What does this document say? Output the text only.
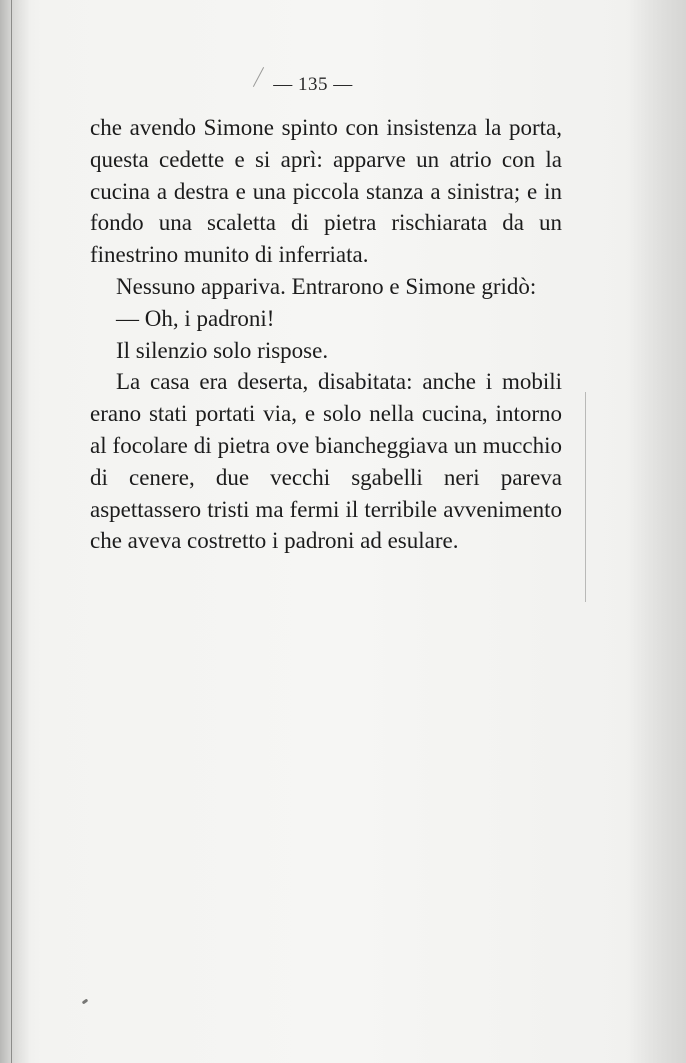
— 135 —

che avendo Simone spinto con insistenza la porta, questa cedette e si aprì: apparve un atrio con la cucina a destra e una piccola stanza a sinistra; e in fondo una scaletta di pietra rischiarata da un finestrino munito di inferriata.

Nessuno appariva. Entrarono e Simone gridò:

— Oh, i padroni!

Il silenzio solo rispose.

La casa era deserta, disabitata: anche i mobili erano stati portati via, e solo nella cucina, intorno al focolare di pietra ove biancheggiava un mucchio di cenere, due vecchi sgabelli neri pareva aspettassero tristi ma fermi il terribile avvenimento che aveva costretto i padroni ad esulare.
